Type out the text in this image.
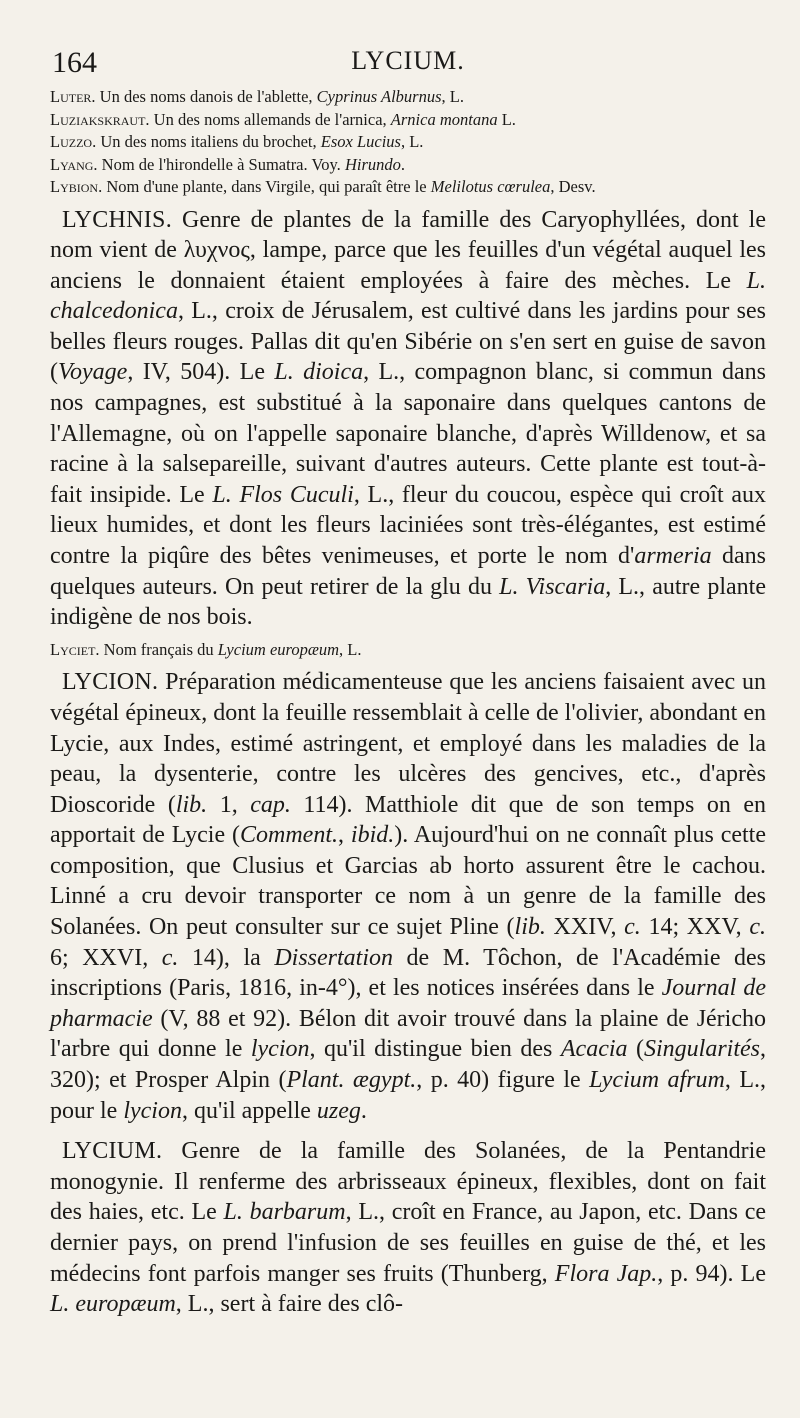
164	LYCIUM.
Luter. Un des noms danois de l'ablette, Cyprinus Alburnus, L.
Luziakskraut. Un des noms allemands de l'arnica, Arnica montana L.
Luzzo. Un des noms italiens du brochet, Esox Lucius, L.
Lyang. Nom de l'hirondelle à Sumatra. Voy. Hirundo.
Lybion. Nom d'une plante, dans Virgile, qui paraît être le Melilotus cœrulea, Desv.

LYCHNIS. Genre de plantes de la famille des Caryophyllées, dont le nom vient de λυχνος, lampe, parce que les feuilles d'un végétal auquel les anciens le donnaient étaient employées à faire des mèches. Le L. chalcedonica, L., croix de Jérusalem, est cultivé dans les jardins pour ses belles fleurs rouges. Pallas dit qu'en Sibérie on s'en sert en guise de savon (Voyage, IV, 504). Le L. dioica, L., compagnon blanc, si commun dans nos campagnes, est substitué à la saponaire dans quelques cantons de l'Allemagne, où on l'appelle saponaire blanche, d'après Willdenow, et sa racine à la salsepareille, suivant d'autres auteurs. Cette plante est tout-à-fait insipide. Le L. Flos Cuculi, L., fleur du coucou, espèce qui croît aux lieux humides, et dont les fleurs laciniées sont très-élégantes, est estimé contre la piqûre des bêtes venimeuses, et porte le nom d'armeria dans quelques auteurs. On peut retirer de la glu du L. Viscaria, L., autre plante indigène de nos bois.

Lyciet. Nom français du Lycium europæum, L.

LYCION. Préparation médicamenteuse que les anciens faisaient avec un végétal épineux, dont la feuille ressemblait à celle de l'olivier, abondant en Lycie, aux Indes, estimé astringent, et employé dans les maladies de la peau, la dysenterie, contre les ulcères des gencives, etc., d'après Dioscoride (lib. 1, cap. 114). Matthiole dit que de son temps on en apportait de Lycie (Comment., ibid.). Aujourd'hui on ne connaît plus cette composition, que Clusius et Garcias ab horto assurent être le cachou. Linné a cru devoir transporter ce nom à un genre de la famille des Solanées. On peut consulter sur ce sujet Pline (lib. XXIV, c. 14; XXV, c. 6; XXVI, c. 14), la Dissertation de M. Tôchon, de l'Académie des inscriptions (Paris, 1816, in-4°), et les notices insérées dans le Journal de pharmacie (V, 88 et 92). Bélon dit avoir trouvé dans la plaine de Jéricho l'arbre qui donne le lycion, qu'il distingue bien des Acacia (Singularités, 320); et Prosper Alpin (Plant. ægypt., p. 40) figure le Lycium afrum, L., pour le lycion, qu'il appelle uzeg.

LYCIUM. Genre de la famille des Solanées, de la Pentandrie monogynie. Il renferme des arbrisseaux épineux, flexibles, dont on fait des haies, etc. Le L. barbarum, L., croît en France, au Japon, etc. Dans ce dernier pays, on prend l'infusion de ses feuilles en guise de thé, et les médecins font parfois manger ses fruits (Thunberg, Flora Jap., p. 94). Le L. europæum, L., sert à faire des clô-
